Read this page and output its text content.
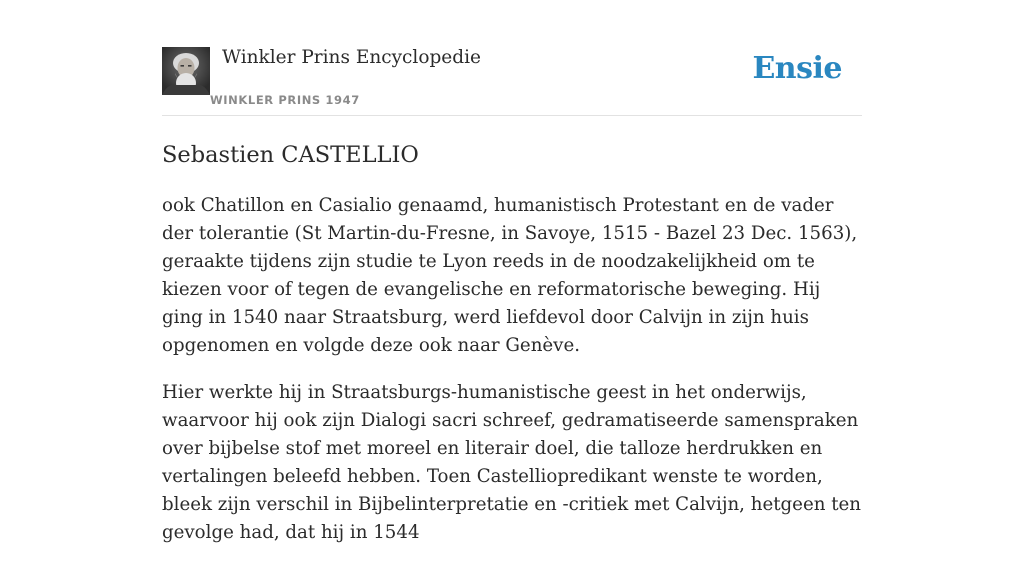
Winkler Prins Encyclopedie
WINKLER PRINS 1947
Ensie
Sebastien CASTELLIO

ook Chatillon en Casialio genaamd, humanistisch Protestant en de vader der tolerantie (St Martin-du-Fresne, in Savoye, 1515 - Bazel 23 Dec. 1563), geraakte tijdens zijn studie te Lyon reeds in de noodzakelijkheid om te kiezen voor of tegen de evangelische en reformatorische beweging. Hij ging in 1540 naar Straatsburg, werd liefdevol door Calvijn in zijn huis opgenomen en volgde deze ook naar Genève.

Hier werkte hij in Straatsburgs-humanistische geest in het onderwijs, waarvoor hij ook zijn Dialogi sacri schreef, gedramatiseerde samenspraken over bijbelse stof met moreel en literair doel, die talloze herdrukken en vertalingen beleefd hebben. Toen Castelliopredikant wenste te worden, bleek zijn verschil in Bijbelinterpretatie en -critiek met Calvijn, hetgeen ten gevolge had, dat hij in 1544
